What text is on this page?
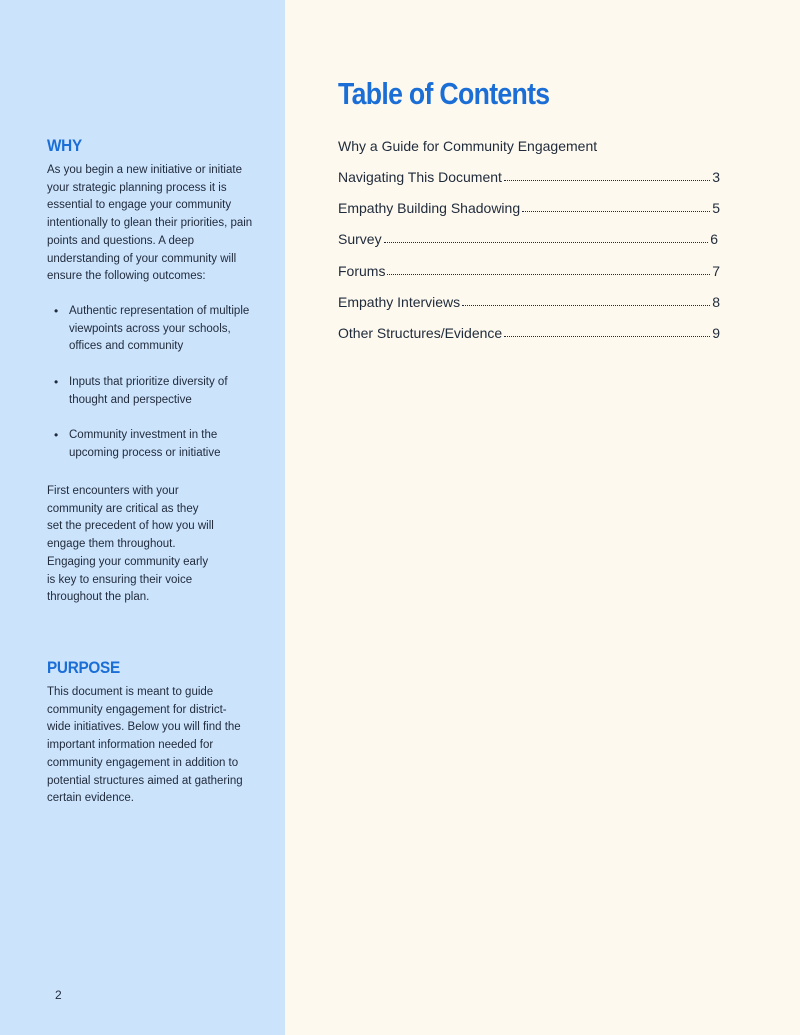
WHY

As you begin a new initiative or initiate
your strategic planning process it is
essential to engage your community
intentionally to glean their priorities, pain
points and questions. A deep
understanding of your community will
ensure the following outcomes:

• Authentic representation of multiple
viewpoints across your schools,
offices and community
• Inputs that prioritize diversity of
thought and perspective
• Community investment in the
upcoming process or initiative

First encounters with your
community are critical as they
set the precedent of how you will
engage them throughout.
Engaging your community early
is key to ensuring their voice
throughout the plan.

PURPOSE

This document is meant to guide
community engagement for district-
wide initiatives. Below you will find the
important information needed for
community engagement in addition to
potential structures aimed at gathering
certain evidence.

2
Table of Contents
Why a Guide for Community Engagement
Navigating This Document	3
Empathy Building Shadowing	5
Survey	6
Forums	7
Empathy Interviews	8
Other Structures/Evidence	9
